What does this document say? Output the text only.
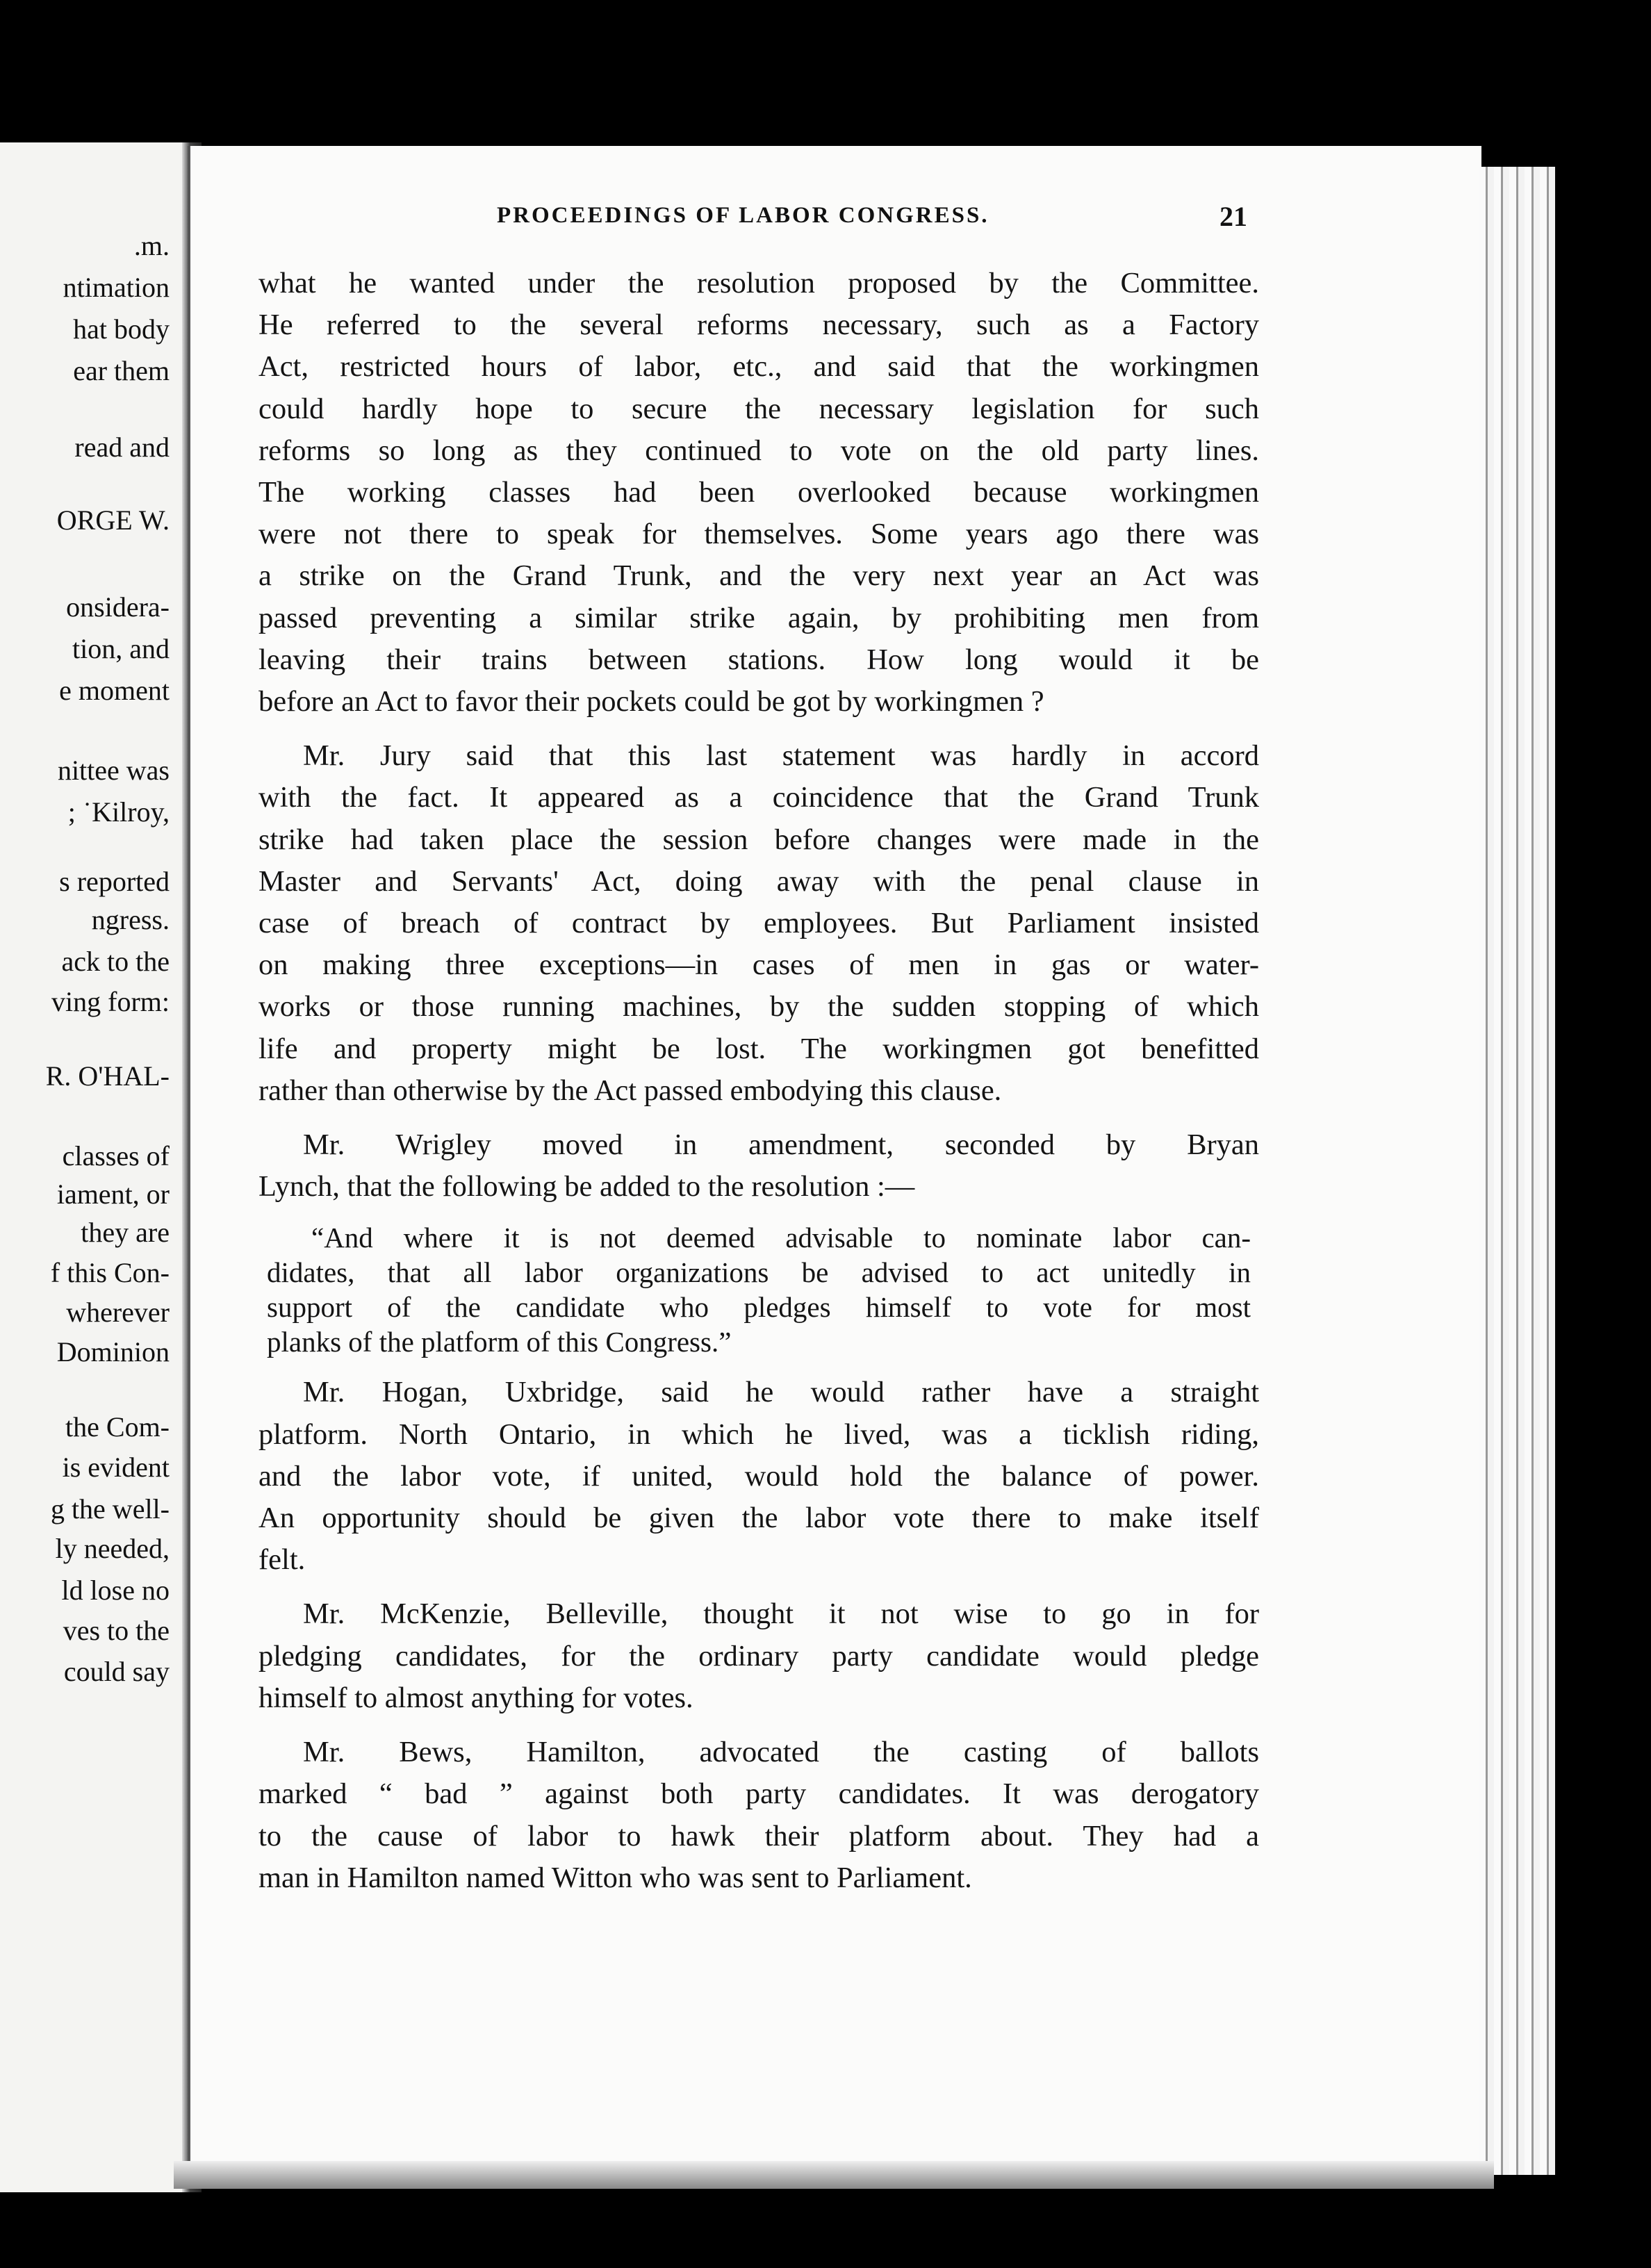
.m.
ntimation
hat body
ear them
read and
ORGE W.
onsidera-
tion, and
e moment
nittee was
; ˙Kilroy,
s reported
ngress.
ack to the
ving form:
R. O'HAL-
classes of
iament, or
they are
f this Con-
wherever
Dominion
the Com-
is evident
g the well-
ly needed,
ld lose no
ves to the
could say
PROCEEDINGS OF LABOR CONGRESS.	21
what he wanted under the resolution proposed by the Committee.
He referred to the several reforms necessary, such as a Factory
Act, restricted hours of labor, etc., and said that the workingmen
could hardly hope to secure the necessary legislation for such
reforms so long as they continued to vote on the old party lines.
The working classes had been overlooked because workingmen
were not there to speak for themselves. Some years ago there was
a strike on the Grand Trunk, and the very next year an Act was
passed preventing a similar strike again, by prohibiting men from
leaving their trains between stations. How long would it be
before an Act to favor their pockets could be got by workingmen ?
Mr. Jury said that this last statement was hardly in accord
with the fact. It appeared as a coincidence that the Grand Trunk
strike had taken place the session before changes were made in the
Master and Servants' Act, doing away with the penal clause in
case of breach of contract by employees. But Parliament insisted
on making three exceptions—in cases of men in gas or water-
works or those running machines, by the sudden stopping of which
life and property might be lost. The workingmen got benefitted
rather than otherwise by the Act passed embodying this clause.
Mr. Wrigley moved in amendment, seconded by Bryan
Lynch, that the following be added to the resolution :—
“And where it is not deemed advisable to nominate labor can-
didates, that all labor organizations be advised to act unitedly in
support of the candidate who pledges himself to vote for most
planks of the platform of this Congress.”
Mr. Hogan, Uxbridge, said he would rather have a straight
platform. North Ontario, in which he lived, was a ticklish riding,
and the labor vote, if united, would hold the balance of power.
An opportunity should be given the labor vote there to make itself
felt.
Mr. McKenzie, Belleville, thought it not wise to go in for
pledging candidates, for the ordinary party candidate would pledge
himself to almost anything for votes.
Mr. Bews, Hamilton, advocated the casting of ballots
marked “ bad ” against both party candidates. It was derogatory
to the cause of labor to hawk their platform about. They had a
man in Hamilton named Witton who was sent to Parliament.
